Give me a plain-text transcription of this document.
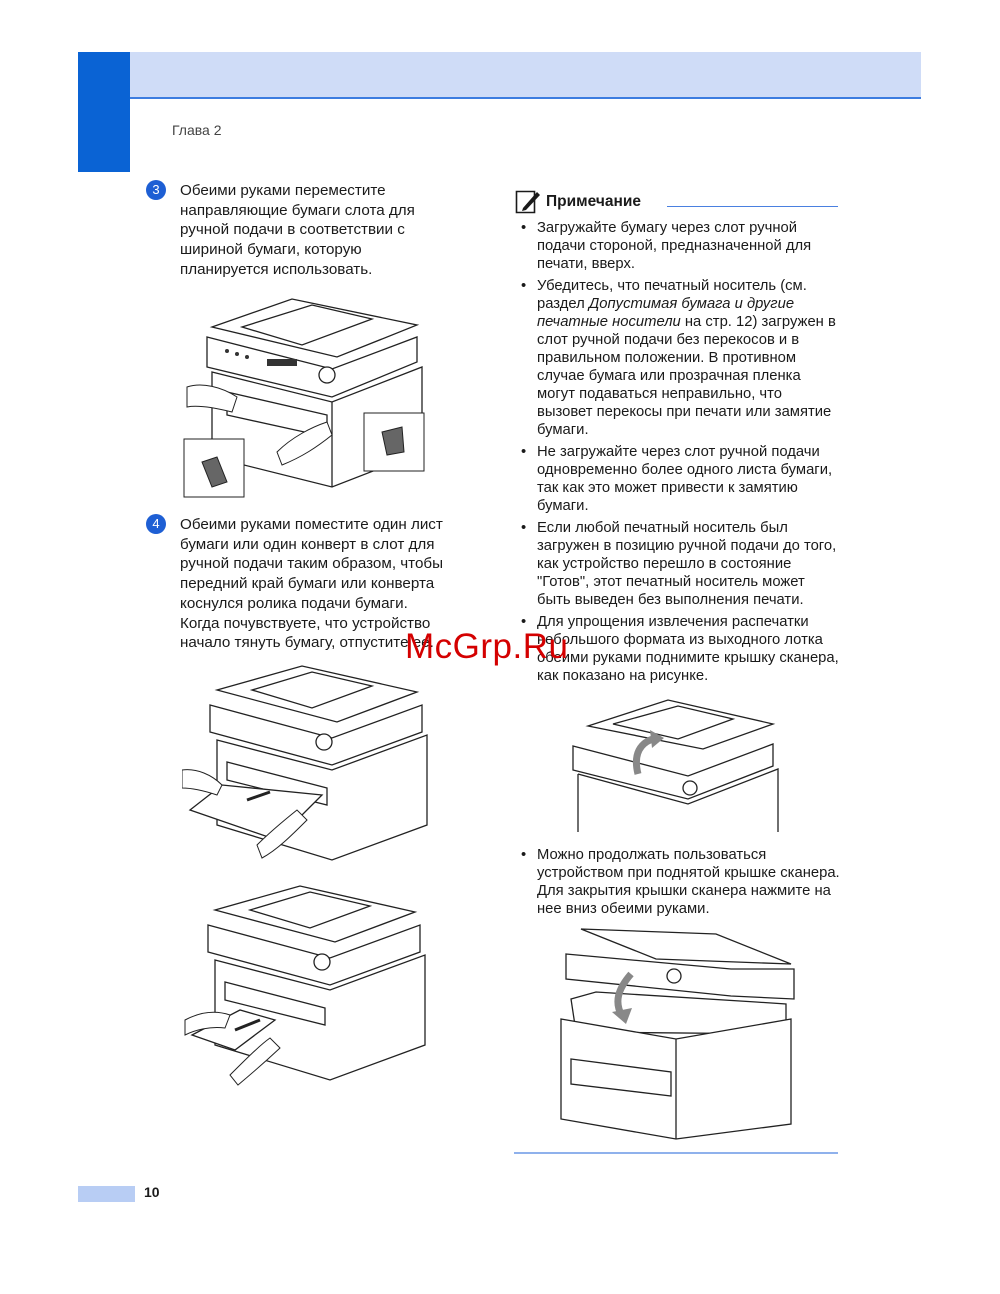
Глава 2
3	Обеими руками переместите

направляющие бумаги слота для

ручной подачи в соответствии с

шириной бумаги, которую

планируется использовать.

4	Обеими руками поместите один лист

бумаги или один конверт в слот для

ручной подачи таким образом, чтобы

передний край бумаги или конверта

коснулся ролика подачи бумаги.

Когда почувствуете, что устройство

начало тянуть бумагу, отпустите ее.

Примечание
• Загружайте бумагу через слот ручной подачи стороной, предназначенной для печати, вверх.
• Убедитесь, что печатный носитель (см. раздел Допустимая бумага и другие печатные носители на стр. 12) загружен в слот ручной подачи без перекосов и в правильном положении. В противном случае бумага или прозрачная пленка могут подаваться неправильно, что вызовет перекосы при печати или замятие бумаги.
• Не загружайте через слот ручной подачи одновременно более одного листа бумаги, так как это может привести к замятию бумаги.
• Если любой печатный носитель был загружен в позицию ручной подачи до того, как устройство перешло в состояние "Готов", этот печатный носитель может быть выведен без выполнения печати.
• Для упрощения извлечения распечатки небольшого формата из выходного лотка обеими руками поднимите крышку сканера, как показано на рисунке.
• Можно продолжать пользоваться устройством при поднятой крышке сканера. Для закрытия крышки сканера нажмите на нее вниз обеими руками.
10
McGrp.Ru
